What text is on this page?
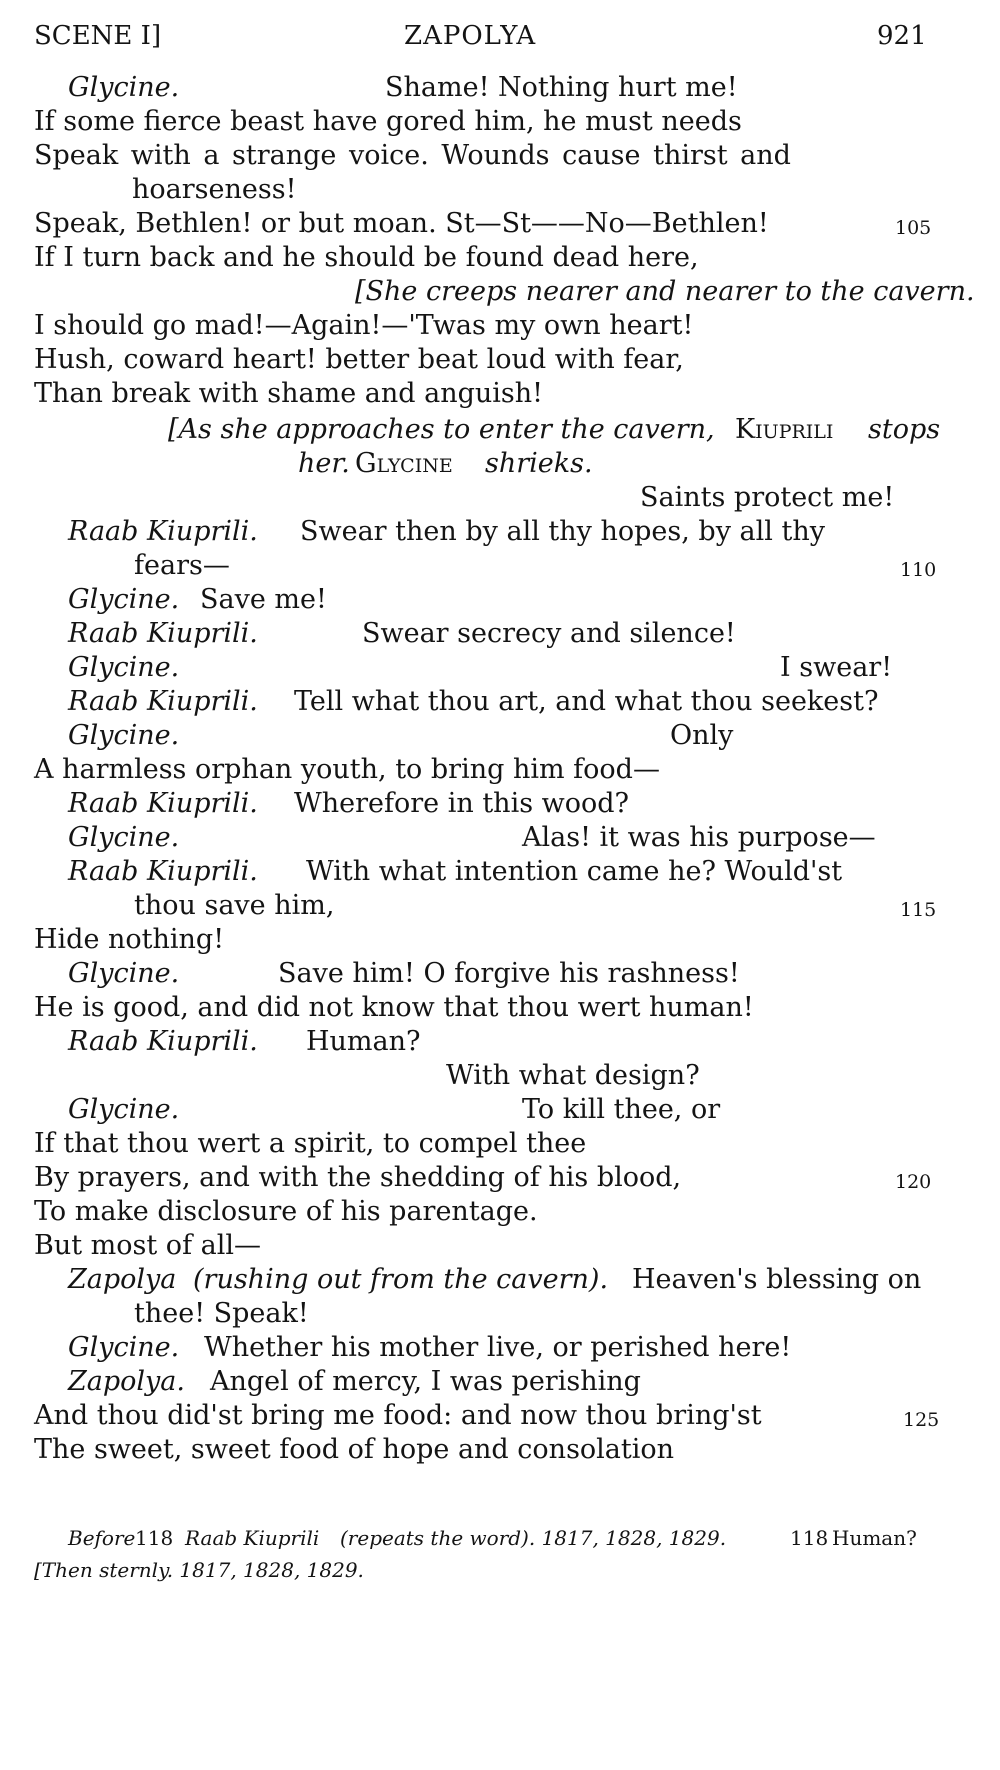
SCENE I]	ZAPOLYA	921
Glycine.	Shame! Nothing hurt me!
If some fierce beast have gored him, he must needs
Speak with a strange voice. Wounds cause thirst and
hoarseness!
Speak, Bethlen! or but moan. St—St——No—Bethlen!	105
If I turn back and he should be found dead here,
[She creeps nearer and nearer to the cavern.
I should go mad!—Again!—'Twas my own heart!
Hush, coward heart! better beat loud with fear,
Than break with shame and anguish!
[As she approaches to enter the cavern, Kiuprili stops
her. Glycine shrieks.
Saints protect me!
Raab Kiuprili. Swear then by all thy hopes, by all thy
fears—	110
Glycine. Save me!
Raab Kiuprili.	Swear secrecy and silence!
Glycine.	I swear!
Raab Kiuprili. Tell what thou art, and what thou seekest?
Glycine.	Only
A harmless orphan youth, to bring him food—
Raab Kiuprili. Wherefore in this wood?
Glycine.	Alas! it was his purpose—
Raab Kiuprili. With what intention came he? Would'st
thou save him,	115
Hide nothing!
Glycine.	Save him! O forgive his rashness!
He is good, and did not know that thou wert human!
Raab Kiuprili. Human?
With what design?
Glycine.	To kill thee, or
If that thou wert a spirit, to compel thee
By prayers, and with the shedding of his blood,	120
To make disclosure of his parentage.
But most of all—
Zapolya (rushing out from the cavern). Heaven's blessing on
thee! Speak!
Glycine. Whether his mother live, or perished here!
Zapolya. Angel of mercy, I was perishing
And thou did'st bring me food: and now thou bring'st	125
The sweet, sweet food of hope and consolation
Before 118 Raab Kiuprili (repeats the word). 1817, 1828, 1829.	118 Human?
[Then sternly. 1817, 1828, 1829.
